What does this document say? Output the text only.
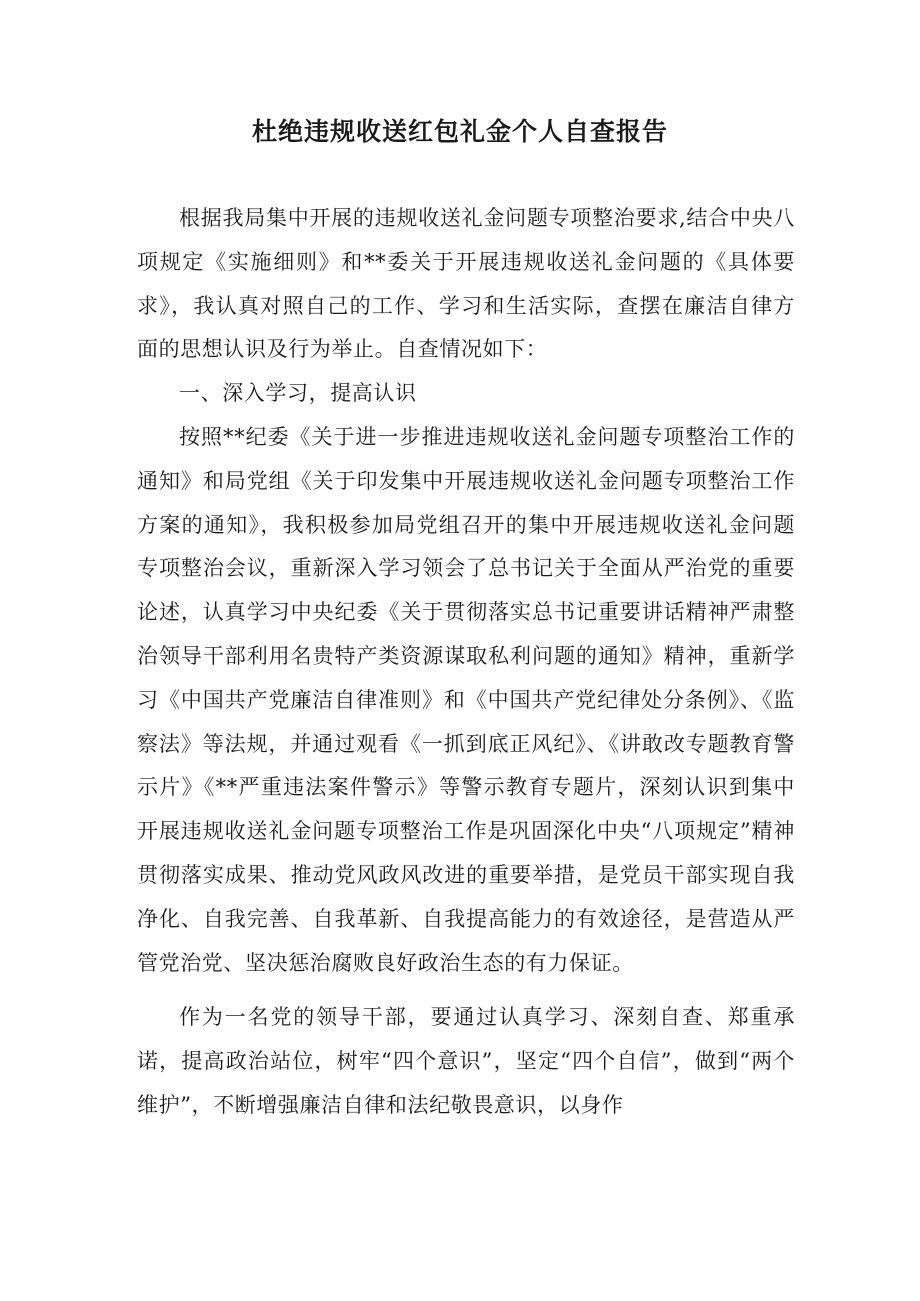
杜绝违规收送红包礼金个人自查报告

根据我局集中开展的违规收送礼金问题专项整治要求,结合中央八项规定《实施细则》和**委关于开展违规收送礼金问题的《具体要求》，我认真对照自己的工作、学习和生活实际，查摆在廉洁自律方面的思想认识及行为举止。自查情况如下：

一、深入学习，提高认识

按照**纪委《关于进一步推进违规收送礼金问题专项整治工作的通知》和局党组《关于印发集中开展违规收送礼金问题专项整治工作方案的通知》，我积极参加局党组召开的集中开展违规收送礼金问题专项整治会议，重新深入学习领会了总书记关于全面从严治党的重要论述，认真学习中央纪委《关于贯彻落实总书记重要讲话精神严肃整治领导干部利用名贵特产类资源谋取私利问题的通知》精神，重新学习《中国共产党廉洁自律准则》和《中国共产党纪律处分条例》、《监察法》等法规，并通过观看《一抓到底正风纪》、《讲敢改专题教育警示片》《**严重违法案件警示》等警示教育专题片，深刻认识到集中开展违规收送礼金问题专项整治工作是巩固深化中央“八项规定”精神贯彻落实成果、推动党风政风改进的重要举措，是党员干部实现自我净化、自我完善、自我革新、自我提高能力的有效途径，是营造从严管党治党、坚决惩治腐败良好政治生态的有力保证。

作为一名党的领导干部，要通过认真学习、深刻自查、郑重承诺，提高政治站位，树牢“四个意识”，坚定“四个自信”，做到“两个维护”，不断增强廉洁自律和法纪敬畏意识，以身作
